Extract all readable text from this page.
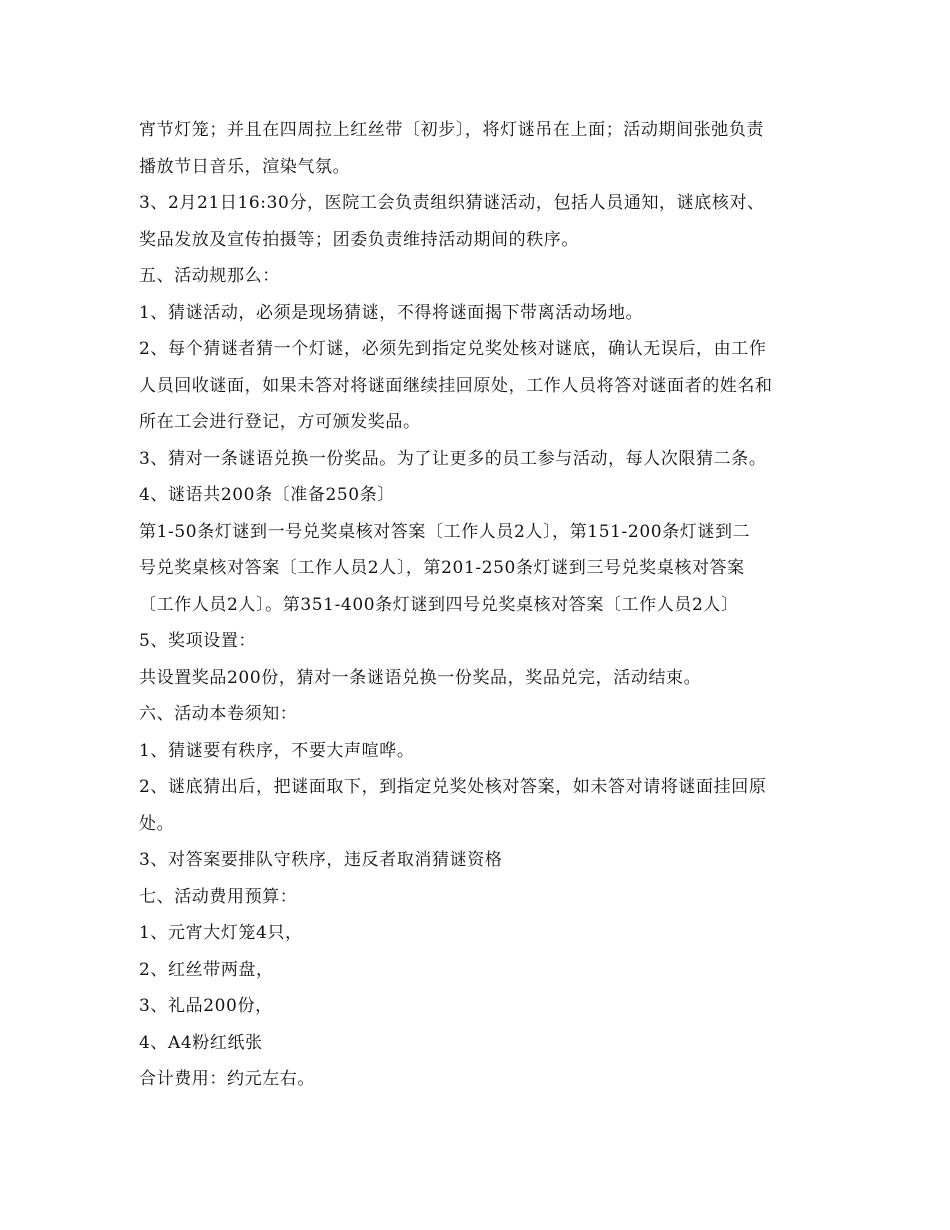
宵节灯笼；并且在四周拉上红丝带〔初步〕，将灯谜吊在上面；活动期间张弛负责

播放节日音乐，渲染气氛。

3、2月21日16:30分，医院工会负责组织猜谜活动，包括人员通知，谜底核对、

奖品发放及宣传拍摄等；团委负责维持活动期间的秩序。

五、活动规那么：

1、猜谜活动，必须是现场猜谜，不得将谜面揭下带离活动场地。

2、每个猜谜者猜一个灯谜，必须先到指定兑奖处核对谜底，确认无误后，由工作

人员回收谜面，如果未答对将谜面继续挂回原处，工作人员将答对谜面者的姓名和

所在工会进行登记，方可颁发奖品。

3、猜对一条谜语兑换一份奖品。为了让更多的员工参与活动，每人次限猜二条。

4、谜语共200条〔准备250条〕

第1-50条灯谜到一号兑奖桌核对答案〔工作人员2人〕，第151-200条灯谜到二

号兑奖桌核对答案〔工作人员2人〕，第201-250条灯谜到三号兑奖桌核对答案

〔工作人员2人〕。第351-400条灯谜到四号兑奖桌核对答案〔工作人员2人〕

5、奖项设置：

共设置奖品200份，猜对一条谜语兑换一份奖品，奖品兑完，活动结束。

六、活动本卷须知：

1、猜谜要有秩序，不要大声喧哗。

2、谜底猜出后，把谜面取下，到指定兑奖处核对答案，如未答对请将谜面挂回原

处。

3、对答案要排队守秩序，违反者取消猜谜资格

七、活动费用预算：

1、元宵大灯笼4只，

2、红丝带两盘，

3、礼品200份，

4、A4粉红纸张

合计费用：约元左右。
